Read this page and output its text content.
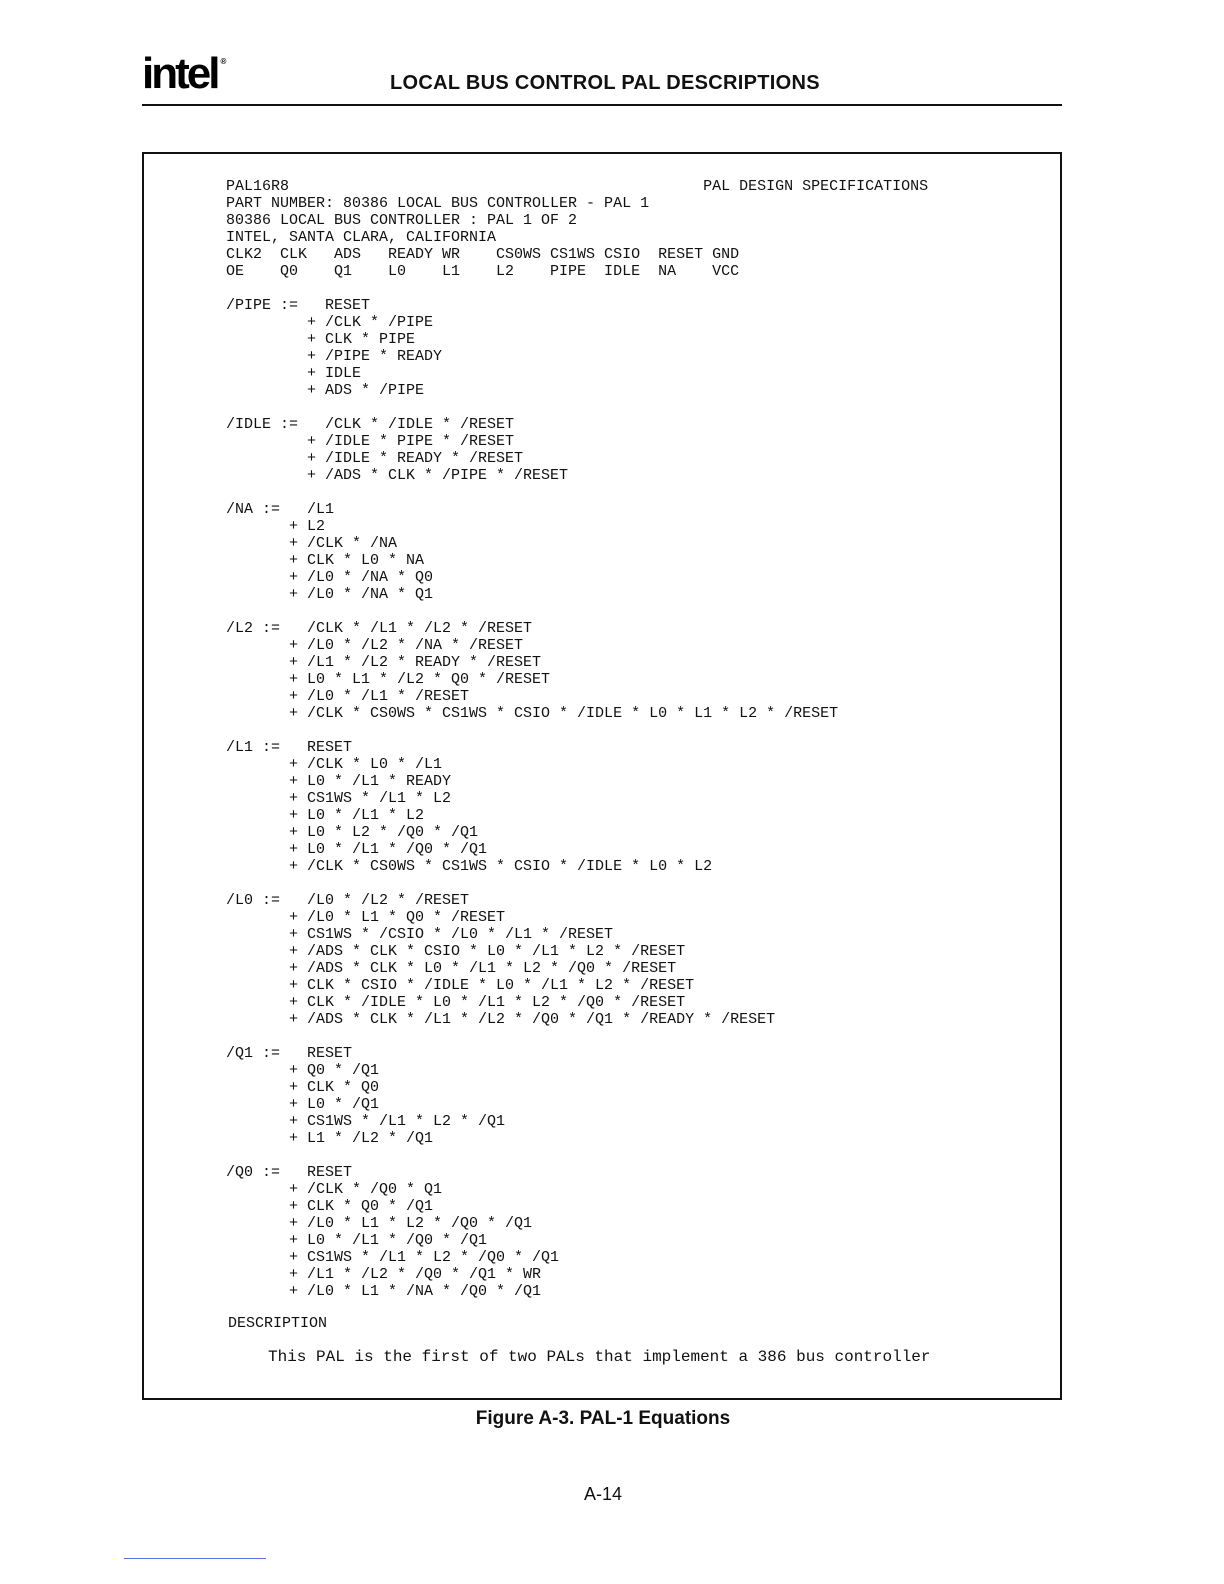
intel ®
LOCAL BUS CONTROL PAL DESCRIPTIONS
PAL16R8                                              PAL DESIGN SPECIFICATIONS
PART NUMBER: 80386 LOCAL BUS CONTROLLER - PAL 1
80386 LOCAL BUS CONTROLLER : PAL 1 OF 2
INTEL, SANTA CLARA, CALIFORNIA
CLK2  CLK   ADS   READY WR    CS0WS CS1WS CSIO  RESET GND
OE    Q0    Q1    L0    L1    L2    PIPE  IDLE  NA    VCC

/PIPE :=   RESET
+ /CLK * /PIPE
+ CLK * PIPE
+ /PIPE * READY
+ IDLE
+ ADS * /PIPE

/IDLE :=   /CLK * /IDLE * /RESET
+ /IDLE * PIPE * /RESET
+ /IDLE * READY * /RESET
+ /ADS * CLK * /PIPE * /RESET

/NA :=   /L1
+ L2
+ /CLK * /NA
+ CLK * L0 * NA
+ /L0 * /NA * Q0
+ /L0 * /NA * Q1

/L2 :=   /CLK * /L1 * /L2 * /RESET
+ /L0 * /L2 * /NA * /RESET
+ /L1 * /L2 * READY * /RESET
+ L0 * L1 * /L2 * Q0 * /RESET
+ /L0 * /L1 * /RESET
+ /CLK * CS0WS * CS1WS * CSIO * /IDLE * L0 * L1 * L2 * /RESET

/L1 :=   RESET
+ /CLK * L0 * /L1
+ L0 * /L1 * READY
+ CS1WS * /L1 * L2
+ L0 * /L1 * L2
+ L0 * L2 * /Q0 * /Q1
+ L0 * /L1 * /Q0 * /Q1
+ /CLK * CS0WS * CS1WS * CSIO * /IDLE * L0 * L2

/L0 :=   /L0 * /L2 * /RESET
+ /L0 * L1 * Q0 * /RESET
+ CS1WS * /CSIO * /L0 * /L1 * /RESET
+ /ADS * CLK * CSIO * L0 * /L1 * L2 * /RESET
+ /ADS * CLK * L0 * /L1 * L2 * /Q0 * /RESET
+ CLK * CSIO * /IDLE * L0 * /L1 * L2 * /RESET
+ CLK * /IDLE * L0 * /L1 * L2 * /Q0 * /RESET
+ /ADS * CLK * /L1 * /L2 * /Q0 * /Q1 * /READY * /RESET

/Q1 :=   RESET
+ Q0 * /Q1
+ CLK * Q0
+ L0 * /Q1
+ CS1WS * /L1 * L2 * /Q1
+ L1 * /L2 * /Q1

/Q0 :=   RESET
+ /CLK * /Q0 * Q1
+ CLK * Q0 * /Q1
+ /L0 * L1 * L2 * /Q0 * /Q1
+ L0 * /L1 * /Q0 * /Q1
+ CS1WS * /L1 * L2 * /Q0 * /Q1
+ /L1 * /L2 * /Q0 * /Q1 * WR
+ /L0 * L1 * /NA * /Q0 * /Q1
DESCRIPTION
This PAL is the first of two PALs that implement a 386 bus controller
Figure A-3. PAL-1 Equations
A-14
